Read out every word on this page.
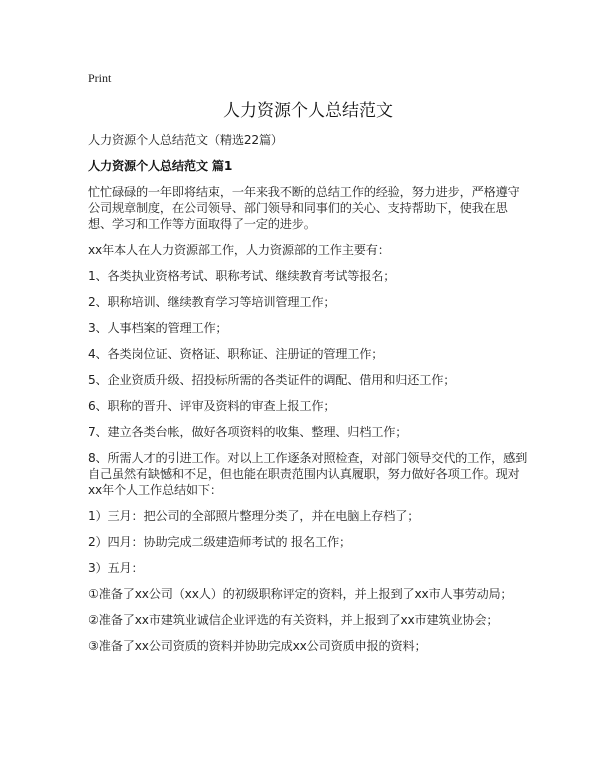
Print
人力资源个人总结范文

人力资源个人总结范文（精选22篇）

人力资源个人总结范文 篇1

忙忙碌碌的一年即将结束，一年来我不断的总结工作的经验，努力进步，严格遵守公司规章制度，在公司领导、部门领导和同事们的关心、支持帮助下，使我在思想、学习和工作等方面取得了一定的进步。

xx年本人在人力资源部工作，人力资源部的工作主要有：

1、各类执业资格考试、职称考试、继续教育考试等报名；

2、职称培训、继续教育学习等培训管理工作；

3、人事档案的管理工作；

4、各类岗位证、资格证、职称证、注册证的管理工作；

5、企业资质升级、招投标所需的各类证件的调配、借用和归还工作；

6、职称的晋升、评审及资料的审查上报工作；

7、建立各类台帐，做好各项资料的收集、整理、归档工作；

8、所需人才的引进工作。对以上工作逐条对照检查，对部门领导交代的工作，感到自己虽然有缺憾和不足，但也能在职责范围内认真履职，努力做好各项工作。现对xx年个人工作总结如下：

1）三月：把公司的全部照片整理分类了，并在电脑上存档了；

2）四月：协助完成二级建造师考试的 报名工作；

3）五月：

①准备了xx公司（xx人）的初级职称评定的资料，并上报到了xx市人事劳动局；

②准备了xx市建筑业诚信企业评选的有关资料，并上报到了xx市建筑业协会；

③准备了xx公司资质的资料并协助完成xx公司资质申报的资料；
